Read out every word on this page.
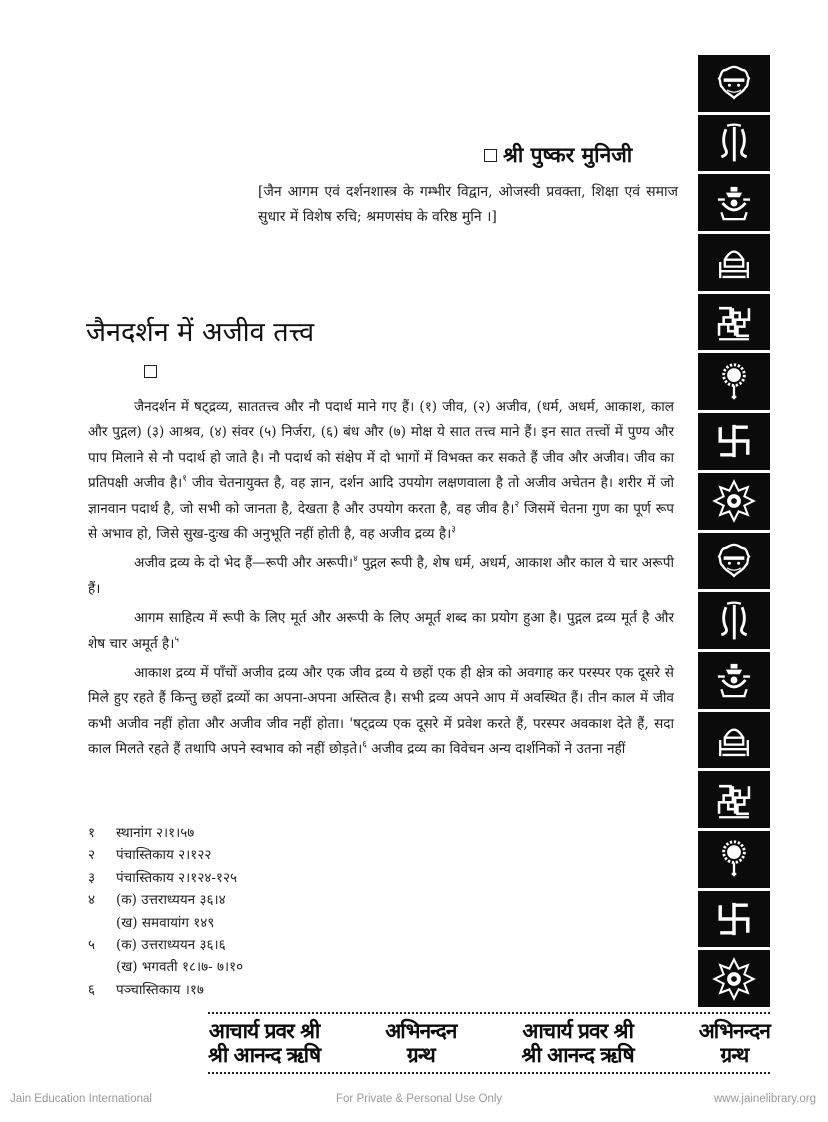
श्री पुष्कर मुनिजी
[जैन आगम एवं दर्शनशास्त्र के गम्भीर विद्वान, ओजस्वी प्रवक्ता, शिक्षा एवं समाज सुधार में विशेष रुचि; श्रमणसंघ के वरिष्ठ मुनि ।]
जैनदर्शन में अजीव तत्त्व

जैनदर्शन में षट्द्रव्य, साततत्त्व और नौ पदार्थ माने गए हैं। (१) जीव, (२) अजीव, (धर्म, अधर्म, आकाश, काल और पुद्गल) (३) आश्रव, (४) संवर (५) निर्जरा, (६) बंध और (७) मोक्ष ये सात तत्त्व माने हैं। इन सात तत्त्वों में पुण्य और पाप मिलाने से नौ पदार्थ हो जाते है। नौ पदार्थ को संक्षेप में दो भागों में विभक्त कर सकते हैं जीव और अजीव। जीव का प्रतिपक्षी अजीव है।$^१$ जीव चेतनायुक्त है, वह ज्ञान, दर्शन आदि उपयोग लक्षणवाला है तो अजीव अचेतन है। शरीर में जो ज्ञानवान पदार्थ है, जो सभी को जानता है, देखता है और उपयोग करता है, वह जीव है।$^२$ जिसमें चेतना गुण का पूर्ण रूप से अभाव हो, जिसे सुख-दुःख की अनुभूति नहीं होती है, वह अजीव द्रव्य है।$^३$

अजीव द्रव्य के दो भेद हैं—रूपी और अरूपी।$^४$ पुद्गल रूपी है, शेष धर्म, अधर्म, आकाश और काल ये चार अरूपी हैं।

आगम साहित्य में रूपी के लिए मूर्त और अरूपी के लिए अमूर्त शब्द का प्रयोग हुआ है। पुद्गल द्रव्य मूर्त है और शेष चार अमूर्त है।$^५$

आकाश द्रव्य में पाँचों अजीव द्रव्य और एक जीव द्रव्य ये छहों एक ही क्षेत्र को अवगाह कर परस्पर एक दूसरे से मिले हुए रहते हैं किन्तु छहों द्रव्यों का अपना-अपना अस्तित्व है। सभी द्रव्य अपने आप में अवस्थित हैं। तीन काल में जीव कभी अजीव नहीं होता और अजीव जीव नहीं होता। 'षट्द्रव्य एक दूसरे में प्रवेश करते हैं, परस्पर अवकाश देते हैं, सदा काल मिलते रहते हैं तथापि अपने स्वभाव को नहीं छोड़ते।$^६$ अजीव द्रव्य का विवेचन अन्य दार्शनिकों ने उतना नहीं

१	स्थानांग २।१।५७
२	पंचास्तिकाय २।१२२
३	पंचास्तिकाय २।१२४-१२५
४	(क) उत्तराध्ययन ३६।४
(ख) समवायांग १४९
५	(क) उत्तराध्ययन ३६।६
(ख) भगवती १८।७- ७।१०
६	पञ्चास्तिकाय ।१७
आचार्य प्रवर श्री
श्री आनन्द ऋषि
अभिनन्दन
ग्रन्थ
आचार्य प्रवर श्री
श्री आनन्द ऋषि
अभिनन्दन
ग्रन्थ
Jain Education International	For Private & Personal Use Only	www.jainelibrary.org
